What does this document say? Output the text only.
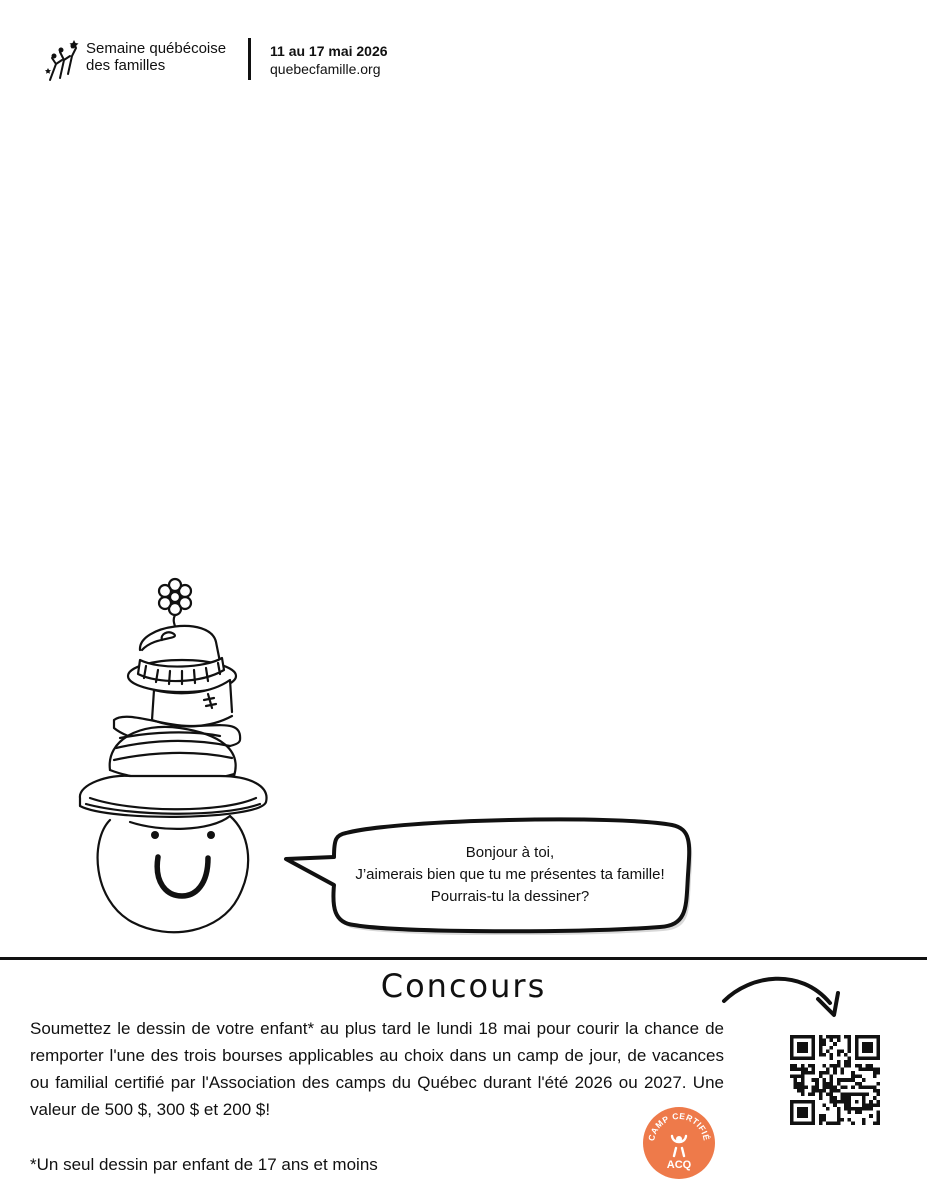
Semaine québécoise
des familles
11 au 17 mai 2026
quebecfamille.org
Bonjour à toi,
J’aimerais bien que tu me présentes ta famille!
Pourrais-tu la dessiner?
Concours
Soumettez le dessin de votre enfant* au plus tard le lundi 18 mai pour courir la chance de remporter l'une des trois bourses applicables au choix dans un camp de jour, de vacances ou familial certifié par l'Association des camps du Québec durant l'été 2026 ou 2027. Une valeur de 500 $, 300 $ et 200 $!
*Un seul dessin par enfant de 17 ans et moins
CAMP CERTIFIÉ
ACQ
